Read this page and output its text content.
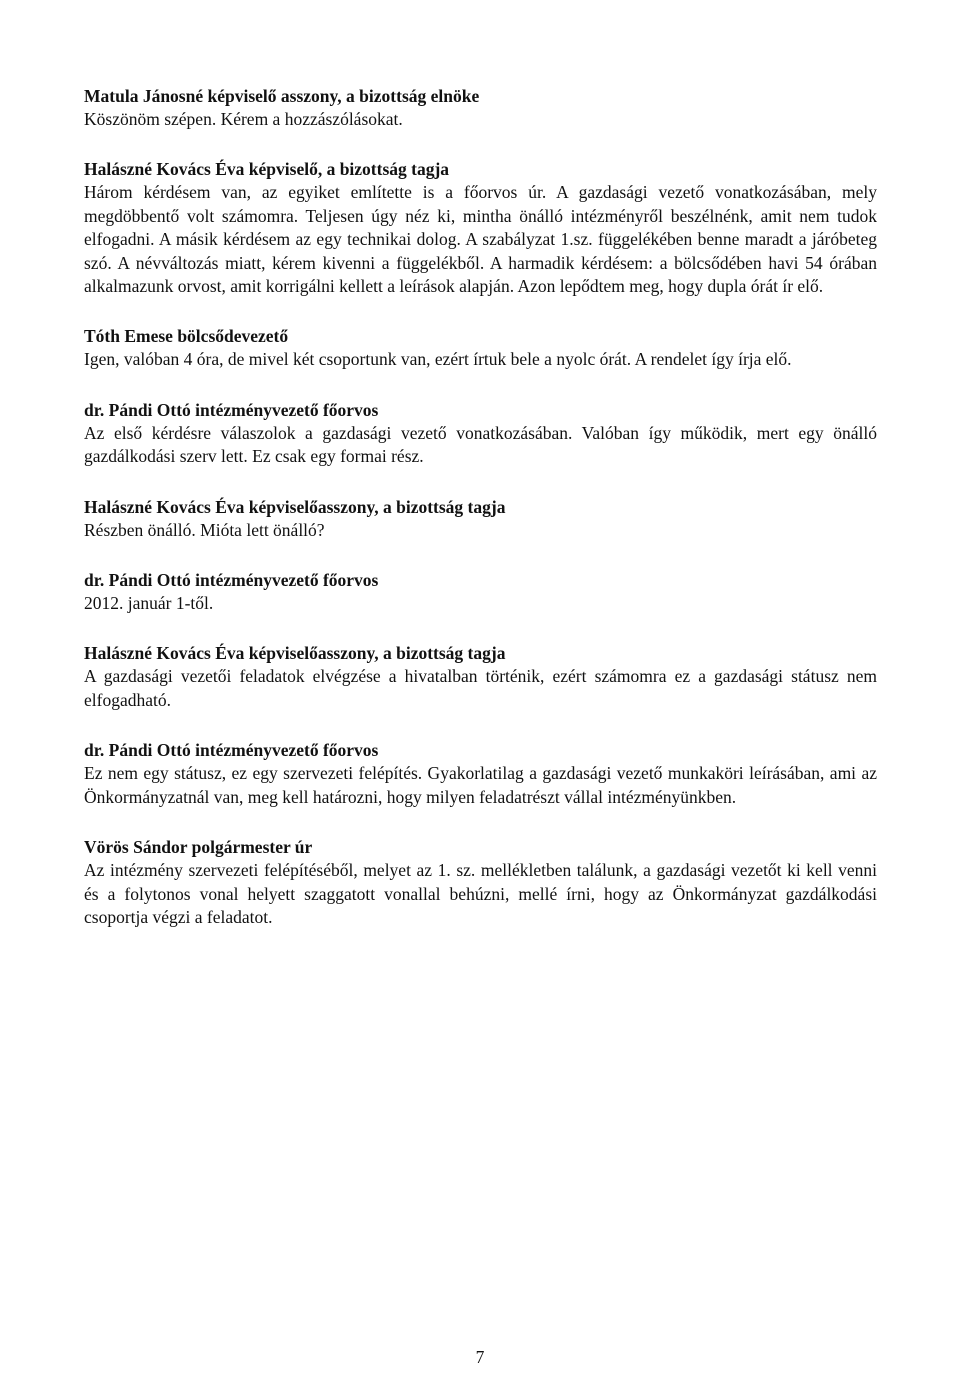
Matula Jánosné képviselő asszony, a bizottság elnöke

Köszönöm szépen. Kérem a hozzászólásokat.

Halászné Kovács Éva képviselő, a bizottság tagja

Három kérdésem van, az egyiket említette is a főorvos úr. A gazdasági vezető vonatkozásában, mely megdöbbentő volt számomra. Teljesen úgy néz ki, mintha önálló intézményről beszélnénk, amit nem tudok elfogadni. A másik kérdésem az egy technikai dolog. A szabályzat 1.sz. függelékében benne maradt a járóbeteg szó. A névváltozás miatt, kérem kivenni a függelékből. A harmadik kérdésem: a bölcsődében havi 54 órában alkalmazunk orvost, amit korrigálni kellett a leírások alapján. Azon lepődtem meg, hogy dupla órát ír elő.

Tóth Emese bölcsődevezető

Igen, valóban 4 óra, de mivel két csoportunk van, ezért írtuk bele a nyolc órát. A rendelet így írja elő.

dr. Pándi Ottó intézményvezető főorvos

Az első kérdésre válaszolok a gazdasági vezető vonatkozásában. Valóban így működik, mert egy önálló gazdálkodási szerv lett. Ez csak egy formai rész.

Halászné Kovács Éva képviselőasszony, a bizottság tagja

Részben önálló. Mióta lett önálló?

dr. Pándi Ottó intézményvezető főorvos

2012. január 1-től.

Halászné Kovács Éva képviselőasszony, a bizottság tagja

A gazdasági vezetői feladatok elvégzése a hivatalban történik, ezért számomra ez a gazdasági státusz nem elfogadható.

dr. Pándi Ottó intézményvezető főorvos

Ez nem egy státusz, ez egy szervezeti felépítés. Gyakorlatilag a gazdasági vezető munkaköri leírásában, ami az Önkormányzatnál van, meg kell határozni, hogy milyen feladatrészt vállal intézményünkben.

Vörös Sándor polgármester úr

Az intézmény szervezeti felépítéséből, melyet az 1. sz. mellékletben találunk, a gazdasági vezetőt ki kell venni és a folytonos vonal helyett szaggatott vonallal behúzni, mellé írni, hogy az Önkormányzat gazdálkodási csoportja végzi a feladatot.

7
